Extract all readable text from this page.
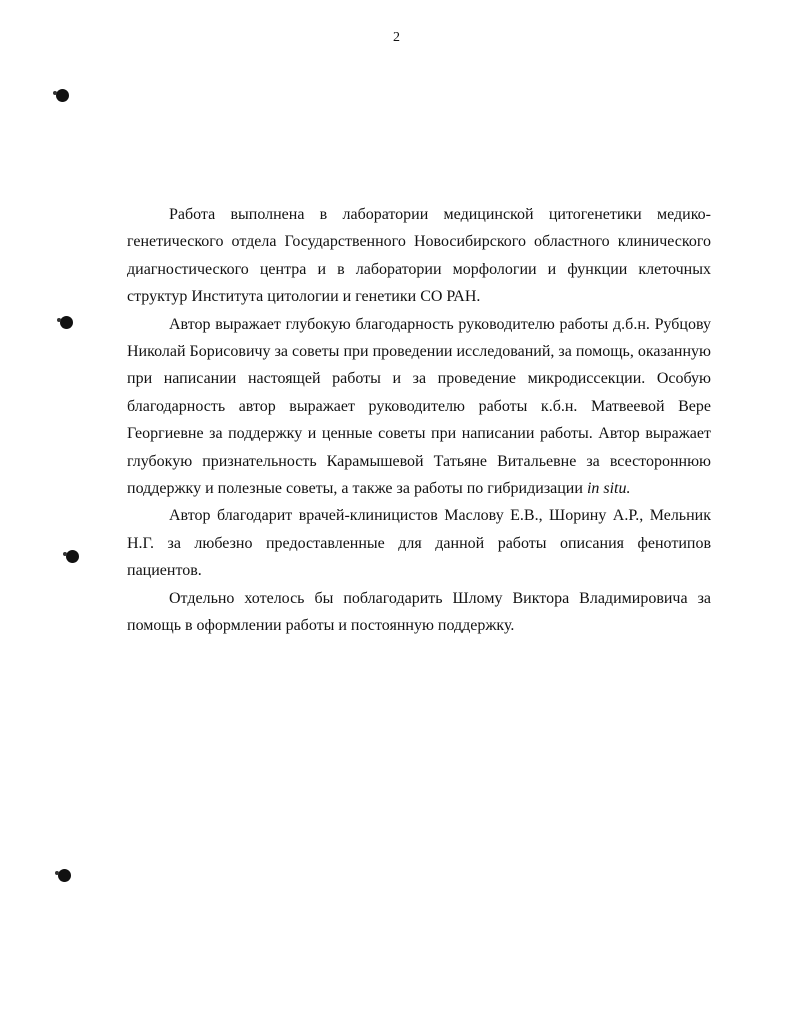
2

Работа выполнена в лаборатории медицинской цитогенетики медико-генетического отдела Государственного Новосибирского областного клинического диагностического центра и в лаборатории морфологии и функции клеточных структур Института цитологии и генетики СО РАН.

Автор выражает глубокую благодарность руководителю работы д.б.н. Рубцову Николай Борисовичу за советы при проведении исследований, за помощь, оказанную при написании настоящей работы и за проведение микродиссекции. Особую благодарность автор выражает руководителю работы к.б.н. Матвеевой Вере Георгиевне за поддержку и ценные советы при написании работы. Автор выражает глубокую признательность Карамышевой Татьяне Витальевне за всестороннюю поддержку и полезные советы, а также за работы по гибридизации in situ.

Автор благодарит врачей-клиницистов Маслову Е.В., Шорину А.Р., Мельник Н.Г. за любезно предоставленные для данной работы описания фенотипов пациентов.

Отдельно хотелось бы поблагодарить Шлому Виктора Владимировича за помощь в оформлении работы и постоянную поддержку.
